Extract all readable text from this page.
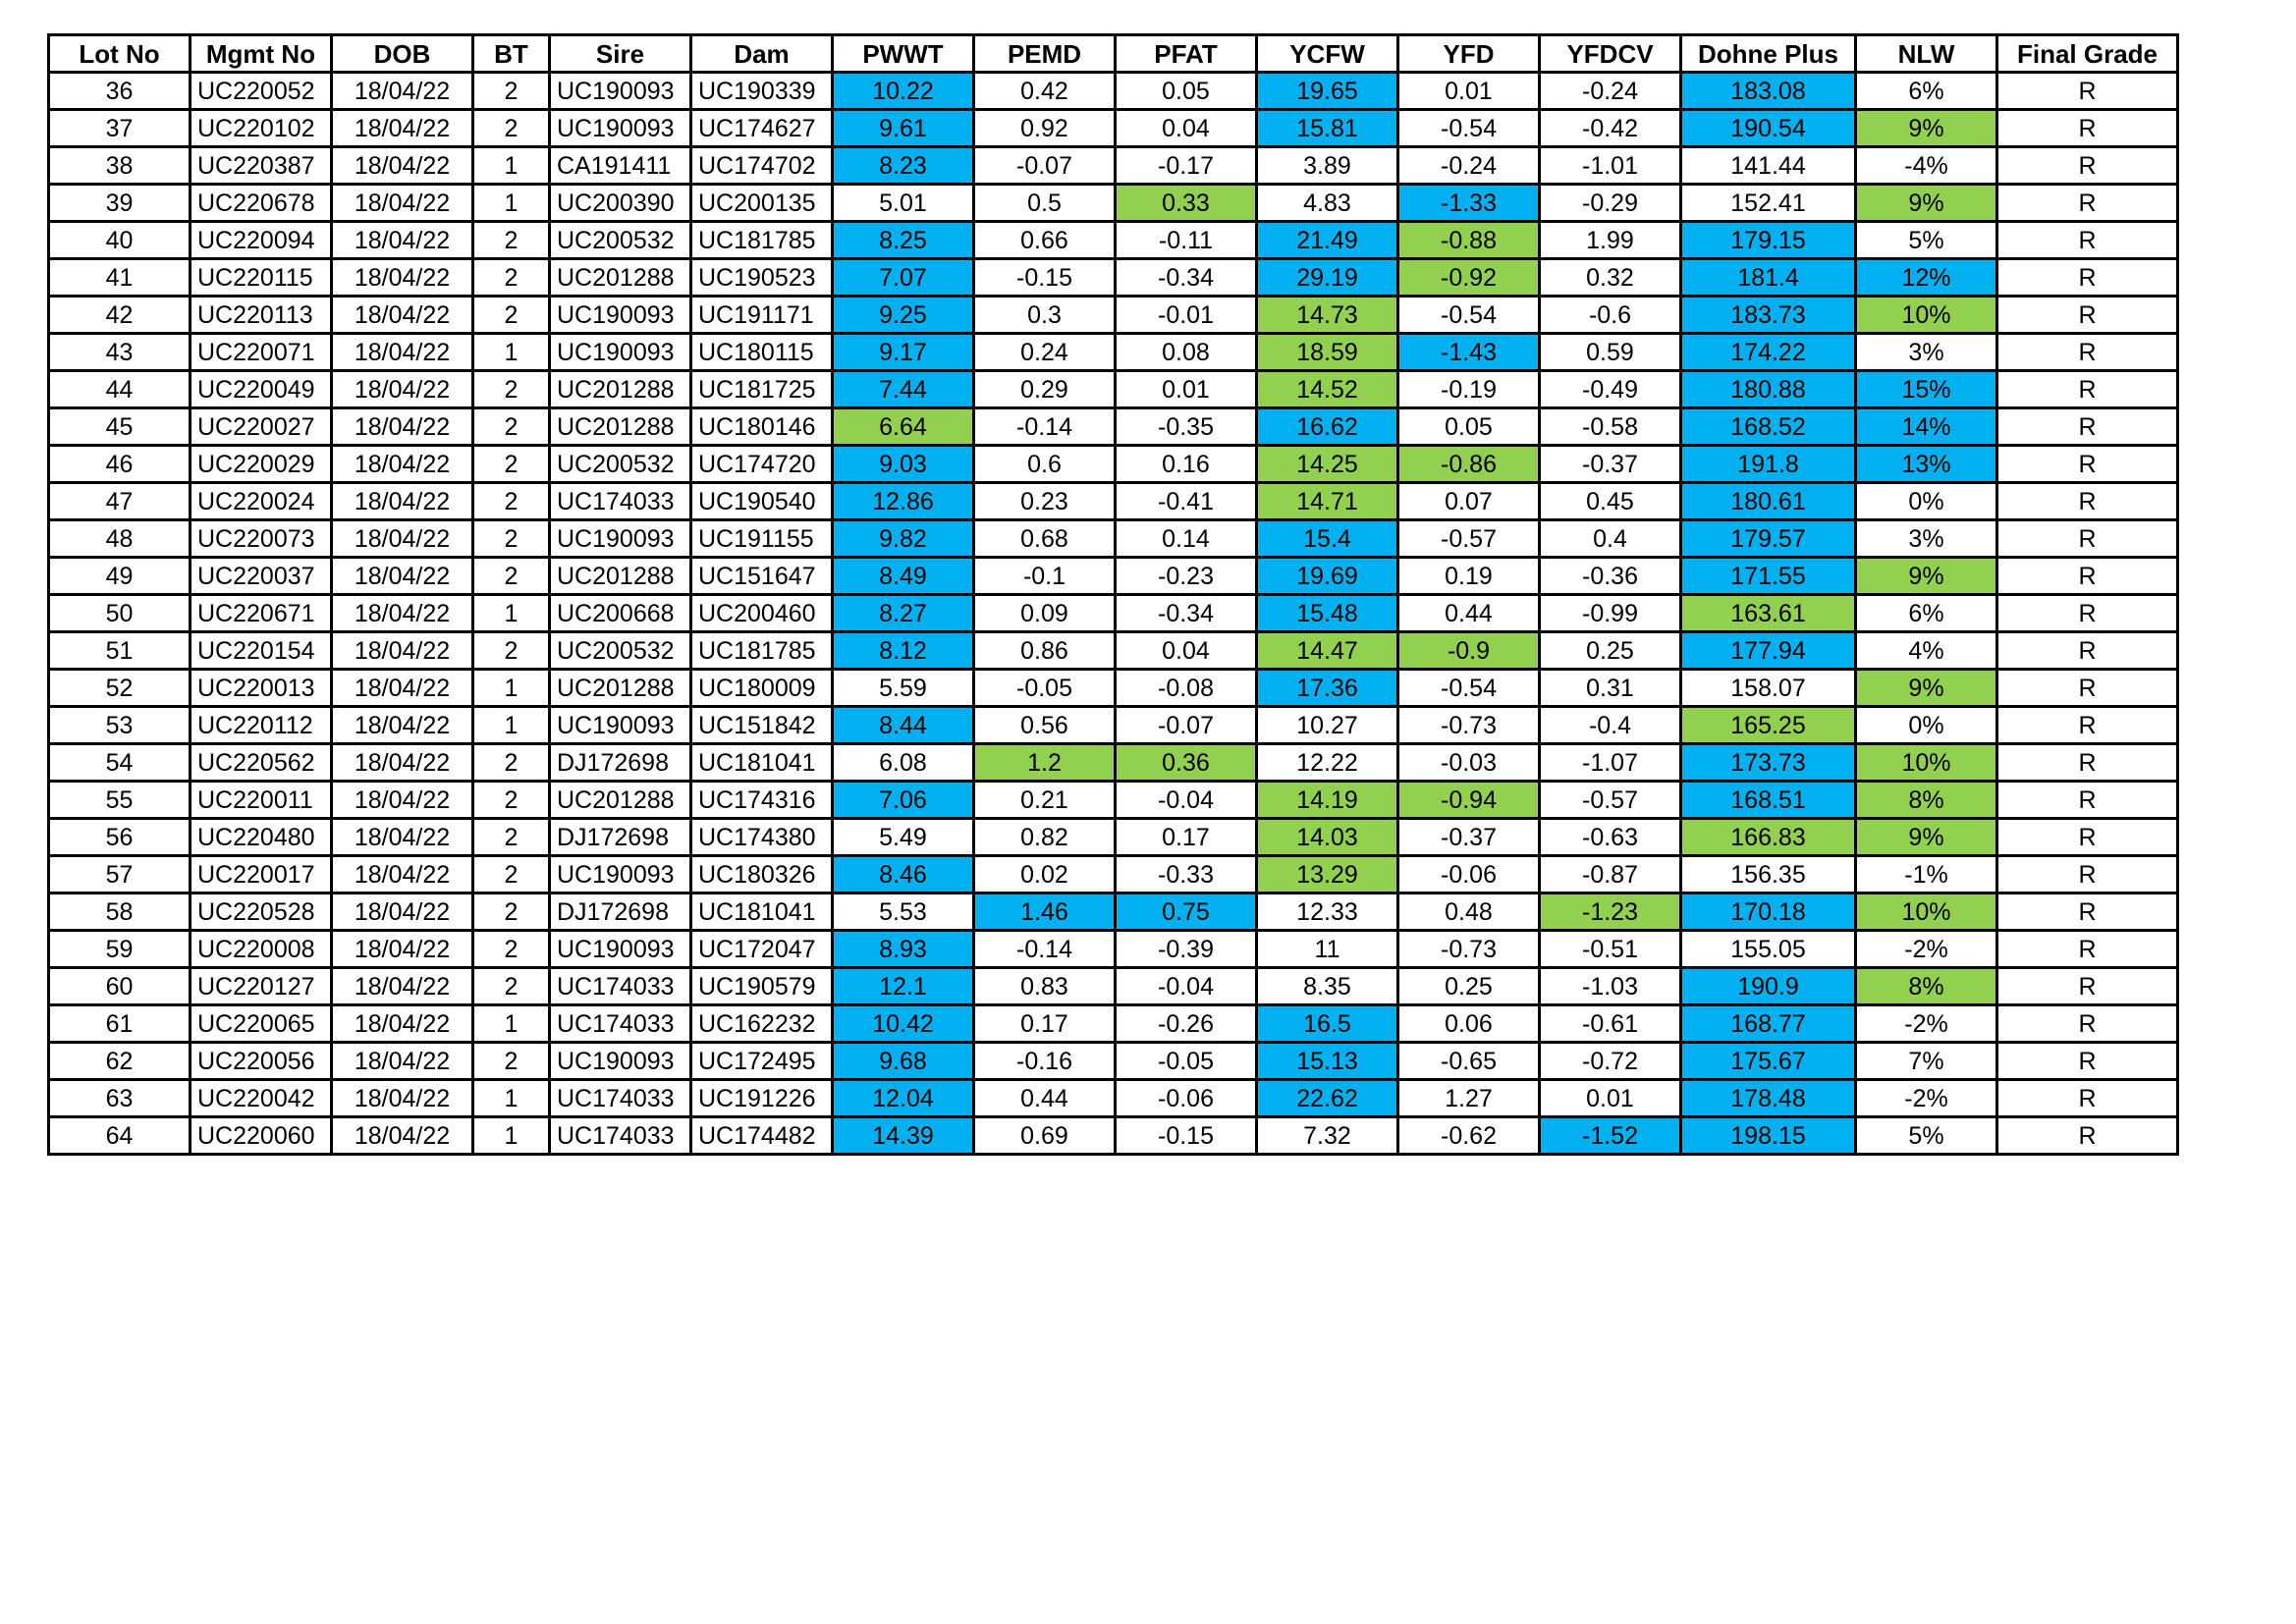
Lot No	Mgmt No	DOB	BT	Sire	Dam	PWWT	PEMD	PFAT	YCFW	YFD	YFDCV	Dohne Plus	NLW	Final Grade
36	UC220052	18/04/22	2	UC190093	UC190339	10.22	0.42	0.05	19.65	0.01	-0.24	183.08	6%	R
37	UC220102	18/04/22	2	UC190093	UC174627	9.61	0.92	0.04	15.81	-0.54	-0.42	190.54	9%	R
38	UC220387	18/04/22	1	CA191411	UC174702	8.23	-0.07	-0.17	3.89	-0.24	-1.01	141.44	-4%	R
39	UC220678	18/04/22	1	UC200390	UC200135	5.01	0.5	0.33	4.83	-1.33	-0.29	152.41	9%	R
40	UC220094	18/04/22	2	UC200532	UC181785	8.25	0.66	-0.11	21.49	-0.88	1.99	179.15	5%	R
41	UC220115	18/04/22	2	UC201288	UC190523	7.07	-0.15	-0.34	29.19	-0.92	0.32	181.4	12%	R
42	UC220113	18/04/22	2	UC190093	UC191171	9.25	0.3	-0.01	14.73	-0.54	-0.6	183.73	10%	R
43	UC220071	18/04/22	1	UC190093	UC180115	9.17	0.24	0.08	18.59	-1.43	0.59	174.22	3%	R
44	UC220049	18/04/22	2	UC201288	UC181725	7.44	0.29	0.01	14.52	-0.19	-0.49	180.88	15%	R
45	UC220027	18/04/22	2	UC201288	UC180146	6.64	-0.14	-0.35	16.62	0.05	-0.58	168.52	14%	R
46	UC220029	18/04/22	2	UC200532	UC174720	9.03	0.6	0.16	14.25	-0.86	-0.37	191.8	13%	R
47	UC220024	18/04/22	2	UC174033	UC190540	12.86	0.23	-0.41	14.71	0.07	0.45	180.61	0%	R
48	UC220073	18/04/22	2	UC190093	UC191155	9.82	0.68	0.14	15.4	-0.57	0.4	179.57	3%	R
49	UC220037	18/04/22	2	UC201288	UC151647	8.49	-0.1	-0.23	19.69	0.19	-0.36	171.55	9%	R
50	UC220671	18/04/22	1	UC200668	UC200460	8.27	0.09	-0.34	15.48	0.44	-0.99	163.61	6%	R
51	UC220154	18/04/22	2	UC200532	UC181785	8.12	0.86	0.04	14.47	-0.9	0.25	177.94	4%	R
52	UC220013	18/04/22	1	UC201288	UC180009	5.59	-0.05	-0.08	17.36	-0.54	0.31	158.07	9%	R
53	UC220112	18/04/22	1	UC190093	UC151842	8.44	0.56	-0.07	10.27	-0.73	-0.4	165.25	0%	R
54	UC220562	18/04/22	2	DJ172698	UC181041	6.08	1.2	0.36	12.22	-0.03	-1.07	173.73	10%	R
55	UC220011	18/04/22	2	UC201288	UC174316	7.06	0.21	-0.04	14.19	-0.94	-0.57	168.51	8%	R
56	UC220480	18/04/22	2	DJ172698	UC174380	5.49	0.82	0.17	14.03	-0.37	-0.63	166.83	9%	R
57	UC220017	18/04/22	2	UC190093	UC180326	8.46	0.02	-0.33	13.29	-0.06	-0.87	156.35	-1%	R
58	UC220528	18/04/22	2	DJ172698	UC181041	5.53	1.46	0.75	12.33	0.48	-1.23	170.18	10%	R
59	UC220008	18/04/22	2	UC190093	UC172047	8.93	-0.14	-0.39	11	-0.73	-0.51	155.05	-2%	R
60	UC220127	18/04/22	2	UC174033	UC190579	12.1	0.83	-0.04	8.35	0.25	-1.03	190.9	8%	R
61	UC220065	18/04/22	1	UC174033	UC162232	10.42	0.17	-0.26	16.5	0.06	-0.61	168.77	-2%	R
62	UC220056	18/04/22	2	UC190093	UC172495	9.68	-0.16	-0.05	15.13	-0.65	-0.72	175.67	7%	R
63	UC220042	18/04/22	1	UC174033	UC191226	12.04	0.44	-0.06	22.62	1.27	0.01	178.48	-2%	R
64	UC220060	18/04/22	1	UC174033	UC174482	14.39	0.69	-0.15	7.32	-0.62	-1.52	198.15	5%	R
